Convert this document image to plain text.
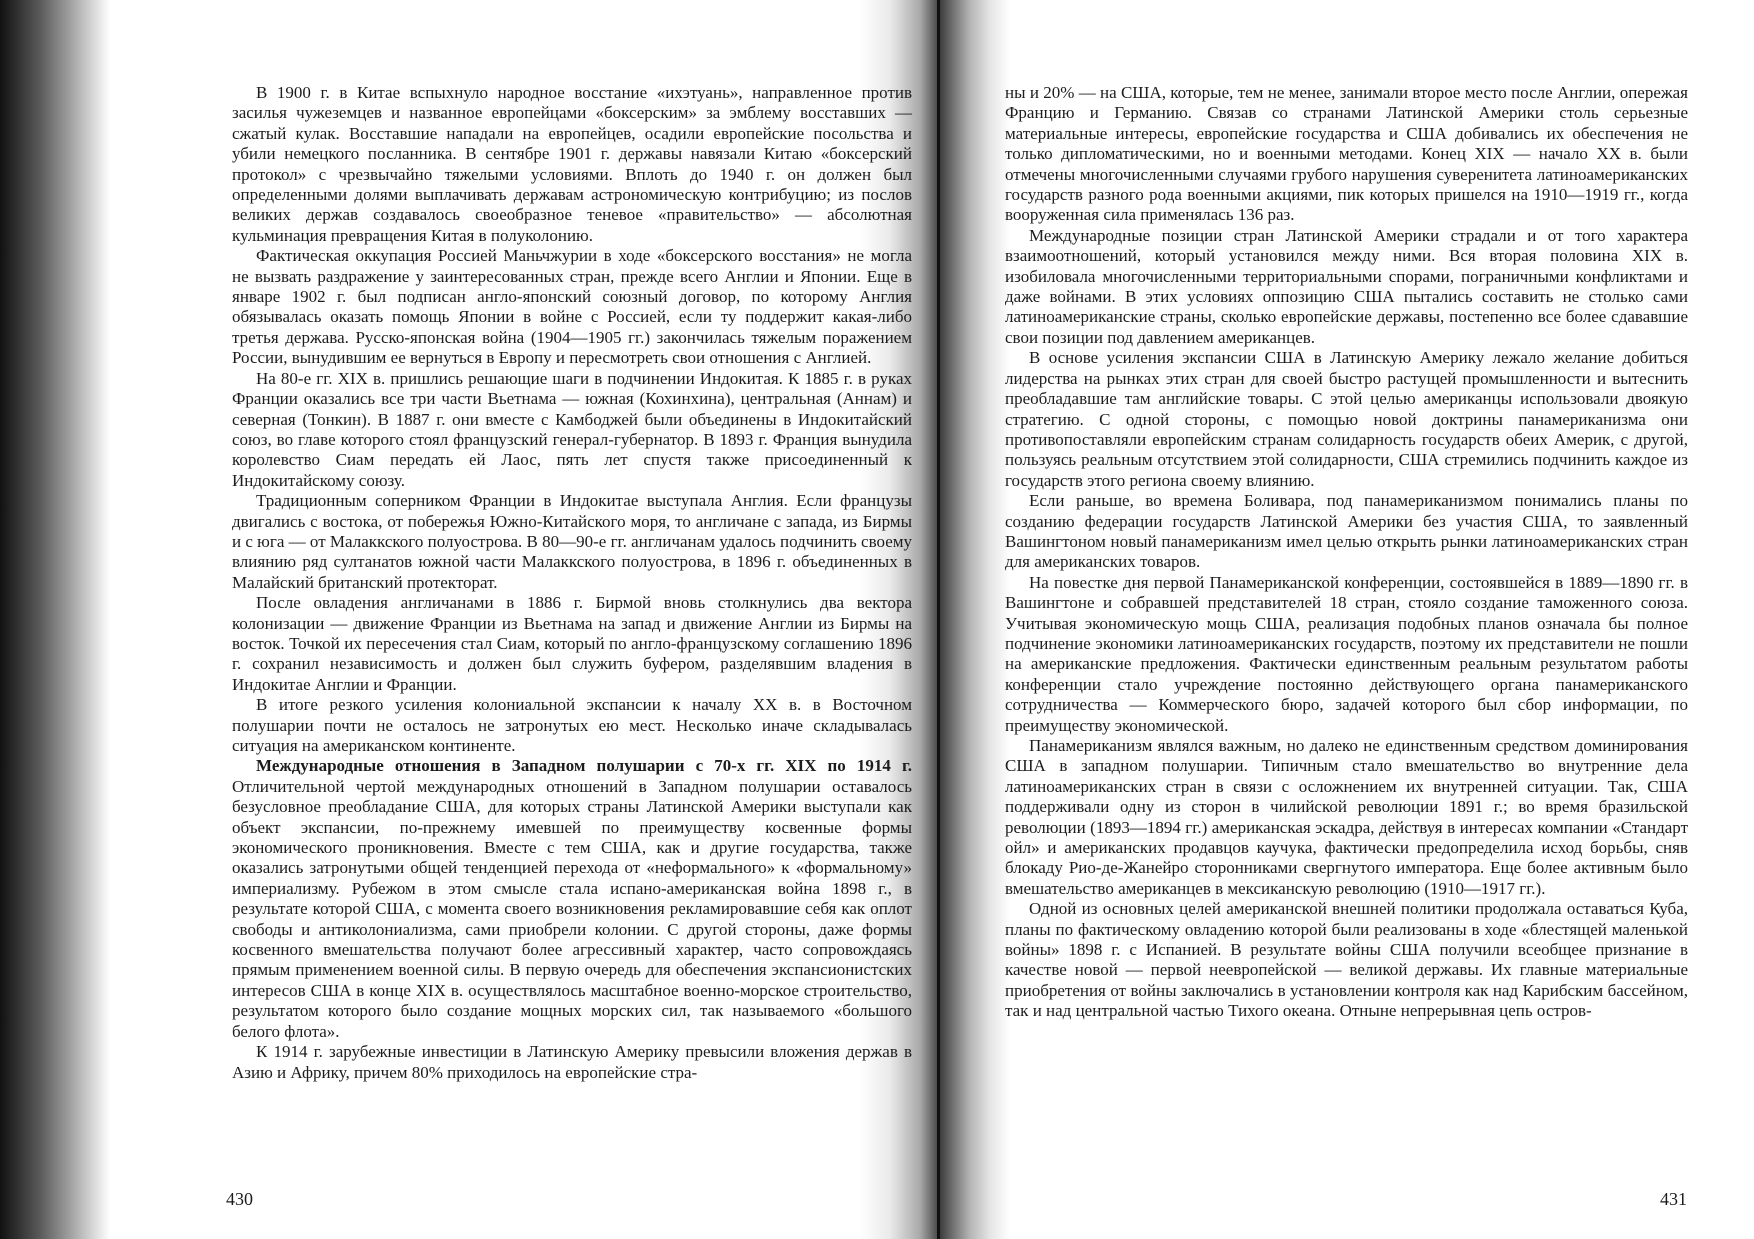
В 1900 г. в Китае вспыхнуло народное восстание «ихэтуань», направленное против засилья чужеземцев и названное европейцами «боксерским» за эмблему восставших — сжатый кулак. Восставшие нападали на европейцев, осадили европейские посольства и убили немецкого посланника. В сентябре 1901 г. державы навязали Китаю «боксерский протокол» с чрезвычайно тяжелыми условиями. Вплоть до 1940 г. он должен был определенными долями выплачивать державам астрономическую контрибуцию; из послов великих держав создавалось своеобразное теневое «правительство» — абсолютная кульминация превращения Китая в полуколонию.

Фактическая оккупация Россией Маньчжурии в ходе «боксерского восстания» не могла не вызвать раздражение у заинтересованных стран, прежде всего Англии и Японии. Еще в январе 1902 г. был подписан англо-японский союзный договор, по которому Англия обязывалась оказать помощь Японии в войне с Россией, если ту поддержит какая-либо третья держава. Русско-японская война (1904—1905 гг.) закончилась тяжелым поражением России, вынудившим ее вернуться в Европу и пересмотреть свои отношения с Англией.

На 80-е гг. XIX в. пришлись решающие шаги в подчинении Индокитая. К 1885 г. в руках Франции оказались все три части Вьетнама — южная (Кохинхина), центральная (Аннам) и северная (Тонкин). В 1887 г. они вместе с Камбоджей были объединены в Индокитайский союз, во главе которого стоял французский генерал-губернатор. В 1893 г. Франция вынудила королевство Сиам передать ей Лаос, пять лет спустя также присоединенный к Индокитайскому союзу.

Традиционным соперником Франции в Индокитае выступала Англия. Если французы двигались с востока, от побережья Южно-Китайского моря, то англичане с запада, из Бирмы и с юга — от Малаккского полуострова. В 80—90-е гг. англичанам удалось подчинить своему влиянию ряд султанатов южной части Малаккского полуострова, в 1896 г. объединенных в Малайский британский протекторат.

После овладения англичанами в 1886 г. Бирмой вновь столкнулись два вектора колонизации — движение Франции из Вьетнама на запад и движение Англии из Бирмы на восток. Точкой их пересечения стал Сиам, который по англо-французскому соглашению 1896 г. сохранил независимость и должен был служить буфером, разделявшим владения в Индокитае Англии и Франции.

В итоге резкого усиления колониальной экспансии к началу XX в. в Восточном полушарии почти не осталось не затронутых ею мест. Несколько иначе складывалась ситуация на американском континенте.

Международные отношения в Западном полушарии с 70-х гг. XIX по 1914 г. Отличительной чертой международных отношений в Западном полушарии оставалось безусловное преобладание США, для которых страны Латинской Америки выступали как объект экспансии, по-прежнему имевшей по преимуществу косвенные формы экономического проникновения. Вместе с тем США, как и другие государства, также оказались затронутыми общей тенденцией перехода от «неформального» к «формальному» империализму. Рубежом в этом смысле стала испано-американская война 1898 г., в результате которой США, с момента своего возникновения рекламировавшие себя как оплот свободы и антиколониализма, сами приобрели колонии. С другой стороны, даже формы косвенного вмешательства получают более агрессивный характер, часто сопровождаясь прямым применением военной силы. В первую очередь для обеспечения экспансионистских интересов США в конце XIX в. осуществлялось масштабное военно-морское строительство, результатом которого было создание мощных морских сил, так называемого «большого белого флота».

К 1914 г. зарубежные инвестиции в Латинскую Америку превысили вложения держав в Азию и Африку, причем 80% приходилось на европейские стра-

ны и 20% — на США, которые, тем не менее, занимали второе место после Англии, опережая Францию и Германию. Связав со странами Латинской Америки столь серьезные материальные интересы, европейские государства и США добивались их обеспечения не только дипломатическими, но и военными методами. Конец XIX — начало XX в. были отмечены многочисленными случаями грубого нарушения суверенитета латиноамериканских государств разного рода военными акциями, пик которых пришелся на 1910—1919 гг., когда вооруженная сила применялась 136 раз.

Международные позиции стран Латинской Америки страдали и от того характера взаимоотношений, который установился между ними. Вся вторая половина XIX в. изобиловала многочисленными территориальными спорами, пограничными конфликтами и даже войнами. В этих условиях оппозицию США пытались составить не столько сами латиноамериканские страны, сколько европейские державы, постепенно все более сдававшие свои позиции под давлением американцев.

В основе усиления экспансии США в Латинскую Америку лежало желание добиться лидерства на рынках этих стран для своей быстро растущей промышленности и вытеснить преобладавшие там английские товары. С этой целью американцы использовали двоякую стратегию. С одной стороны, с помощью новой доктрины панамериканизма они противопоставляли европейским странам солидарность государств обеих Америк, с другой, пользуясь реальным отсутствием этой солидарности, США стремились подчинить каждое из государств этого региона своему влиянию.

Если раньше, во времена Боливара, под панамериканизмом понимались планы по созданию федерации государств Латинской Америки без участия США, то заявленный Вашингтоном новый панамериканизм имел целью открыть рынки латиноамериканских стран для американских товаров.

На повестке дня первой Панамериканской конференции, состоявшейся в 1889—1890 гг. в Вашингтоне и собравшей представителей 18 стран, стояло создание таможенного союза. Учитывая экономическую мощь США, реализация подобных планов означала бы полное подчинение экономики латиноамериканских государств, поэтому их представители не пошли на американские предложения. Фактически единственным реальным результатом работы конференции стало учреждение постоянно действующего органа панамериканского сотрудничества — Коммерческого бюро, задачей которого был сбор информации, по преимуществу экономической.

Панамериканизм являлся важным, но далеко не единственным средством доминирования США в западном полушарии. Типичным стало вмешательство во внутренние дела латиноамериканских стран в связи с осложнением их внутренней ситуации. Так, США поддерживали одну из сторон в чилийской революции 1891 г.; во время бразильской революции (1893—1894 гг.) американская эскадра, действуя в интересах компании «Стандарт ойл» и американских продавцов каучука, фактически предопределила исход борьбы, сняв блокаду Рио-де-Жанейро сторонниками свергнутого императора. Еще более активным было вмешательство американцев в мексиканскую революцию (1910—1917 гг.).

Одной из основных целей американской внешней политики продолжала оставаться Куба, планы по фактическому овладению которой были реализованы в ходе «блестящей маленькой войны» 1898 г. с Испанией. В результате войны США получили всеобщее признание в качестве новой — первой неевропейской — великой державы. Их главные материальные приобретения от войны заключались в установлении контроля как над Карибским бассейном, так и над центральной частью Тихого океана. Отныне непрерывная цепь остров-

430	431
